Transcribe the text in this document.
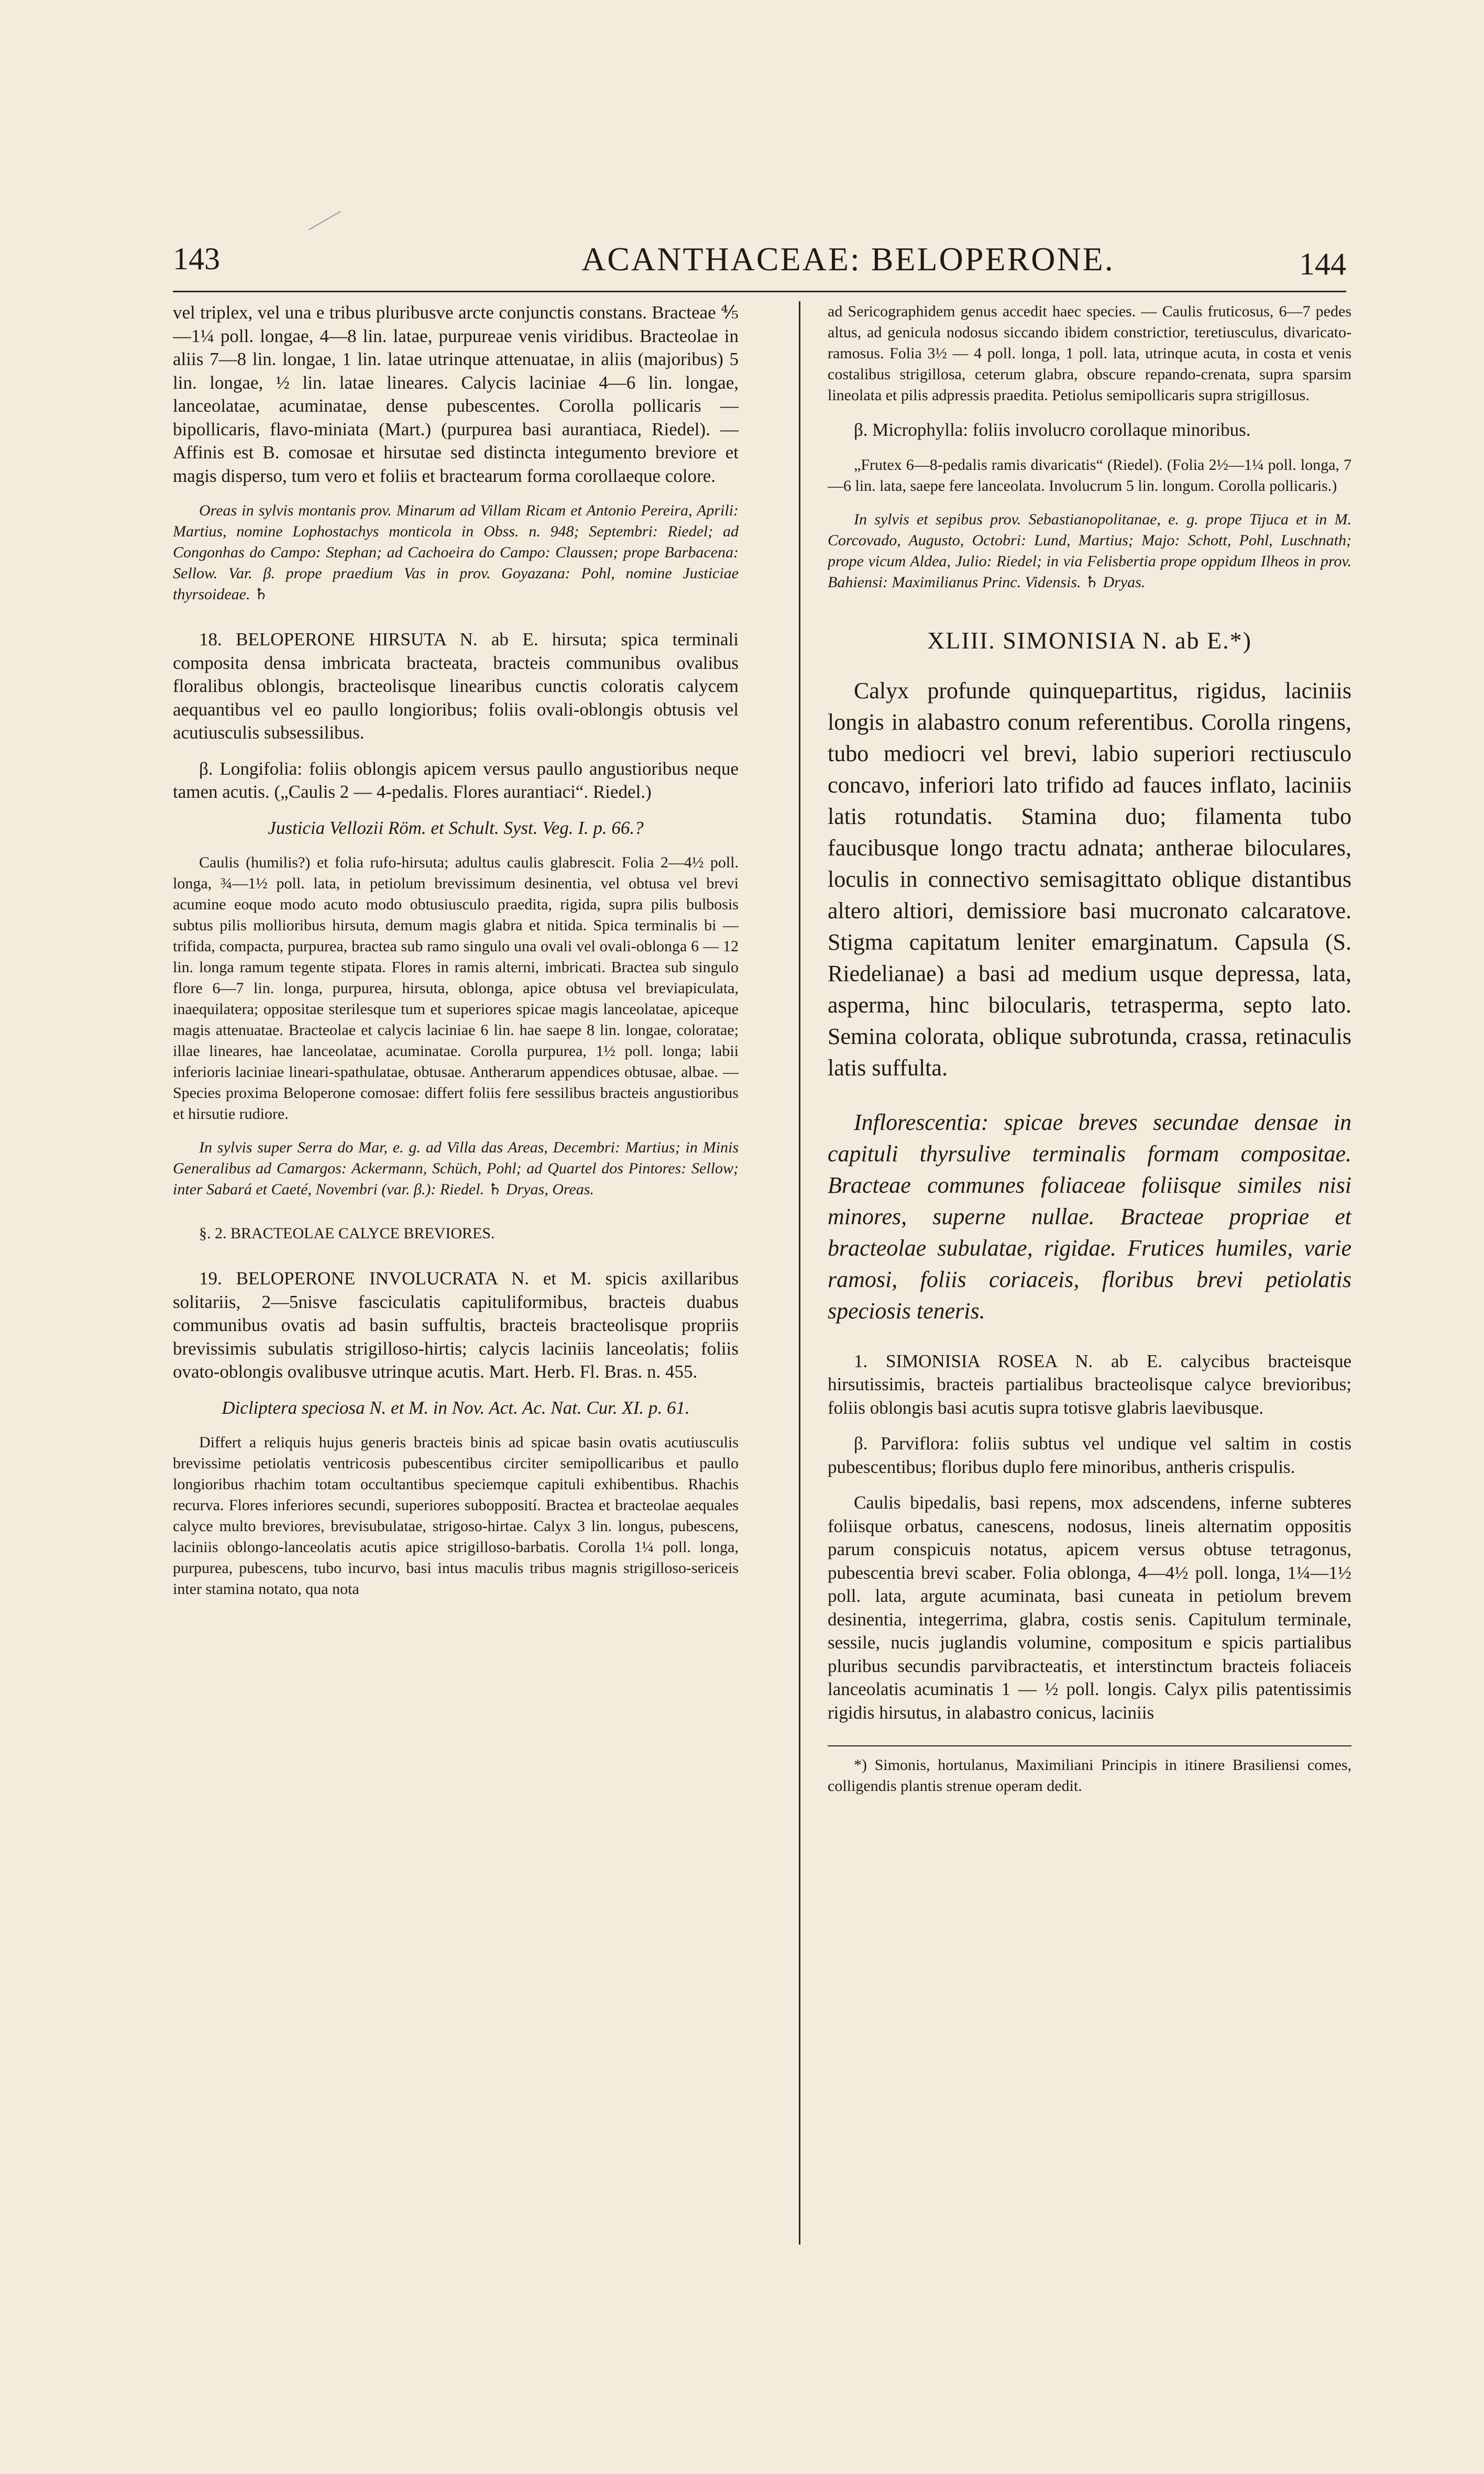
143	ACANTHACEAE: BELOPERONE.	144

vel triplex, vel una e tribus pluribusve arcte conjunctis constans. Bracteae ⅘—1¼ poll. longae, 4—8 lin. latae, purpureae venis viridibus. Bracteolae in aliis 7—8 lin. longae, 1 lin. latae utrinque attenuatae, in aliis (majoribus) 5 lin. longae, ½ lin. latae lineares. Calycis laciniae 4—6 lin. longae, lanceolatae, acuminatae, dense pubescentes. Corolla pollicaris — bipollicaris, flavo-miniata (Mart.) (purpurea basi aurantiaca, Riedel). — Affinis est B. comosae et hirsutae sed distincta integumento breviore et magis disperso, tum vero et foliis et bractearum forma corollaeque colore.

Oreas in sylvis montanis prov. Minarum ad Villam Ricam et Antonio Pereira, Aprili: Martius, nomine Lophostachys monticola in Obss. n. 948; Septembri: Riedel; ad Congonhas do Campo: Stephan; ad Cachoeira do Campo: Claussen; prope Barbacena: Sellow. Var. β. prope praedium Vas in prov. Goyazana: Pohl, nomine Justiciae thyrsoideae. ♄

18. BELOPERONE HIRSUTA N. ab E. hirsuta; spica terminali composita densa imbricata bracteata, bracteis communibus ovalibus floralibus oblongis, bracteolisque linearibus cunctis coloratis calycem aequantibus vel eo paullo longioribus; foliis ovali-oblongis obtusis vel acutiusculis subsessilibus.

β. Longifolia: foliis oblongis apicem versus paullo angustioribus neque tamen acutis. („Caulis 2 — 4-pedalis. Flores aurantiaci“. Riedel.)

Justicia Vellozii Röm. et Schult. Syst. Veg. I. p. 66.?

Caulis (humilis?) et folia rufo-hirsuta; adultus caulis glabrescit. Folia 2—4½ poll. longa, ¾—1½ poll. lata, in petiolum brevissimum desinentia, vel obtusa vel brevi acumine eoque modo acuto modo obtusiusculo praedita, rigida, supra pilis bulbosis subtus pilis mollioribus hirsuta, demum magis glabra et nitida. Spica terminalis bi — trifida, compacta, purpurea, bractea sub ramo singulo una ovali vel ovali-oblonga 6 — 12 lin. longa ramum tegente stipata. Flores in ramis alterni, imbricati. Bractea sub singulo flore 6—7 lin. longa, purpurea, hirsuta, oblonga, apice obtusa vel breviapiculata, inaequilatera; oppositae sterilesque tum et superiores spicae magis lanceolatae, apiceque magis attenuatae. Bracteolae et calycis laciniae 6 lin. hae saepe 8 lin. longae, coloratae; illae lineares, hae lanceolatae, acuminatae. Corolla purpurea, 1½ poll. longa; labii inferioris laciniae lineari-spathulatae, obtusae. Antherarum appendices obtusae, albae. — Species proxima Beloperone comosae: differt foliis fere sessilibus bracteis angustioribus et hirsutie rudiore.

In sylvis super Serra do Mar, e. g. ad Villa das Areas, Decembri: Martius; in Minis Generalibus ad Camargos: Ackermann, Schüch, Pohl; ad Quartel dos Pintores: Sellow; inter Sabará et Caeté, Novembri (var. β.): Riedel. ♄ Dryas, Oreas.

§. 2. BRACTEOLAE CALYCE BREVIORES.

19. BELOPERONE INVOLUCRATA N. et M. spicis axillaribus solitariis, 2—5nisve fasciculatis capituliformibus, bracteis duabus communibus ovatis ad basin suffultis, bracteis bracteolisque propriis brevissimis subulatis strigilloso-hirtis; calycis laciniis lanceolatis; foliis ovato-oblongis ovalibusve utrinque acutis. Mart. Herb. Fl. Bras. n. 455.

Dicliptera speciosa N. et M. in Nov. Act. Ac. Nat. Cur. XI. p. 61.

Differt a reliquis hujus generis bracteis binis ad spicae basin ovatis acutiusculis brevissime petiolatis ventricosis pubescentibus circiter semipollicaribus et paullo longioribus rhachim totam occultantibus speciemque capituli exhibentibus. Rhachis recurva. Flores inferiores secundi, superiores subopposití. Bractea et bracteolae aequales calyce multo breviores, brevisubulatae, strigoso-hirtae. Calyx 3 lin. longus, pubescens, laciniis oblongo-lanceolatis acutis apice strigilloso-barbatis. Corolla 1¼ poll. longa, purpurea, pubescens, tubo incurvo, basi intus maculis tribus magnis strigilloso-sericeis inter stamina notato, qua nota

ad Sericographidem genus accedit haec species. — Caulis fruticosus, 6—7 pedes altus, ad genicula nodosus siccando ibidem constrictior, teretiusculus, divaricato-ramosus. Folia 3½ — 4 poll. longa, 1 poll. lata, utrinque acuta, in costa et venis costalibus strigillosa, ceterum glabra, obscure repando-crenata, supra sparsim lineolata et pilis adpressis praedita. Petiolus semipollicaris supra strigillosus.

β. Microphylla: foliis involucro corollaque minoribus.

„Frutex 6—8-pedalis ramis divaricatis“ (Riedel). (Folia 2½—1¼ poll. longa, 7—6 lin. lata, saepe fere lanceolata. Involucrum 5 lin. longum. Corolla pollicaris.)

In sylvis et sepibus prov. Sebastianopolitanae, e. g. prope Tijuca et in M. Corcovado, Augusto, Octobri: Lund, Martius; Majo: Schott, Pohl, Luschnath; prope vicum Aldea, Julio: Riedel; in via Felisbertia prope oppidum Ilheos in prov. Bahiensi: Maximilianus Princ. Vidensis. ♄ Dryas.

XLIII. SIMONISIA N. ab E.*)

Calyx profunde quinquepartitus, rigidus, laciniis longis in alabastro conum referentibus. Corolla ringens, tubo mediocri vel brevi, labio superiori rectiusculo concavo, inferiori lato trifido ad fauces inflato, laciniis latis rotundatis. Stamina duo; filamenta tubo faucibusque longo tractu adnata; antherae biloculares, loculis in connectivo semisagittato oblique distantibus altero altiori, demissiore basi mucronato calcaratove. Stigma capitatum leniter emarginatum. Capsula (S. Riedelianae) a basi ad medium usque depressa, lata, asperma, hinc bilocularis, tetrasperma, septo lato. Semina colorata, oblique subrotunda, crassa, retinaculis latis suffulta.

Inflorescentia: spicae breves secundae densae in capituli thyrsulive terminalis formam compositae. Bracteae communes foliaceae foliisque similes nisi minores, superne nullae. Bracteae propriae et bracteolae subulatae, rigidae. Frutices humiles, varie ramosi, foliis coriaceis, floribus brevi petiolatis speciosis teneris.

1. SIMONISIA ROSEA N. ab E. calycibus bracteisque hirsutissimis, bracteis partialibus bracteolisque calyce brevioribus; foliis oblongis basi acutis supra totisve glabris laevibusque.

β. Parviflora: foliis subtus vel undique vel saltim in costis pubescentibus; floribus duplo fere minoribus, antheris crispulis.

Caulis bipedalis, basi repens, mox adscendens, inferne subteres foliisque orbatus, canescens, nodosus, lineis alternatim oppositis parum conspicuis notatus, apicem versus obtuse tetragonus, pubescentia brevi scaber. Folia oblonga, 4—4½ poll. longa, 1¼—1½ poll. lata, argute acuminata, basi cuneata in petiolum brevem desinentia, integerrima, glabra, costis senis. Capitulum terminale, sessile, nucis juglandis volumine, compositum e spicis partialibus pluribus secundis parvibracteatis, et interstinctum bracteis foliaceis lanceolatis acuminatis 1 — ½ poll. longis. Calyx pilis patentissimis rigidis hirsutus, in alabastro conicus, laciniis

*) Simonis, hortulanus, Maximiliani Principis in itinere Brasiliensi comes, colligendis plantis strenue operam dedit.
